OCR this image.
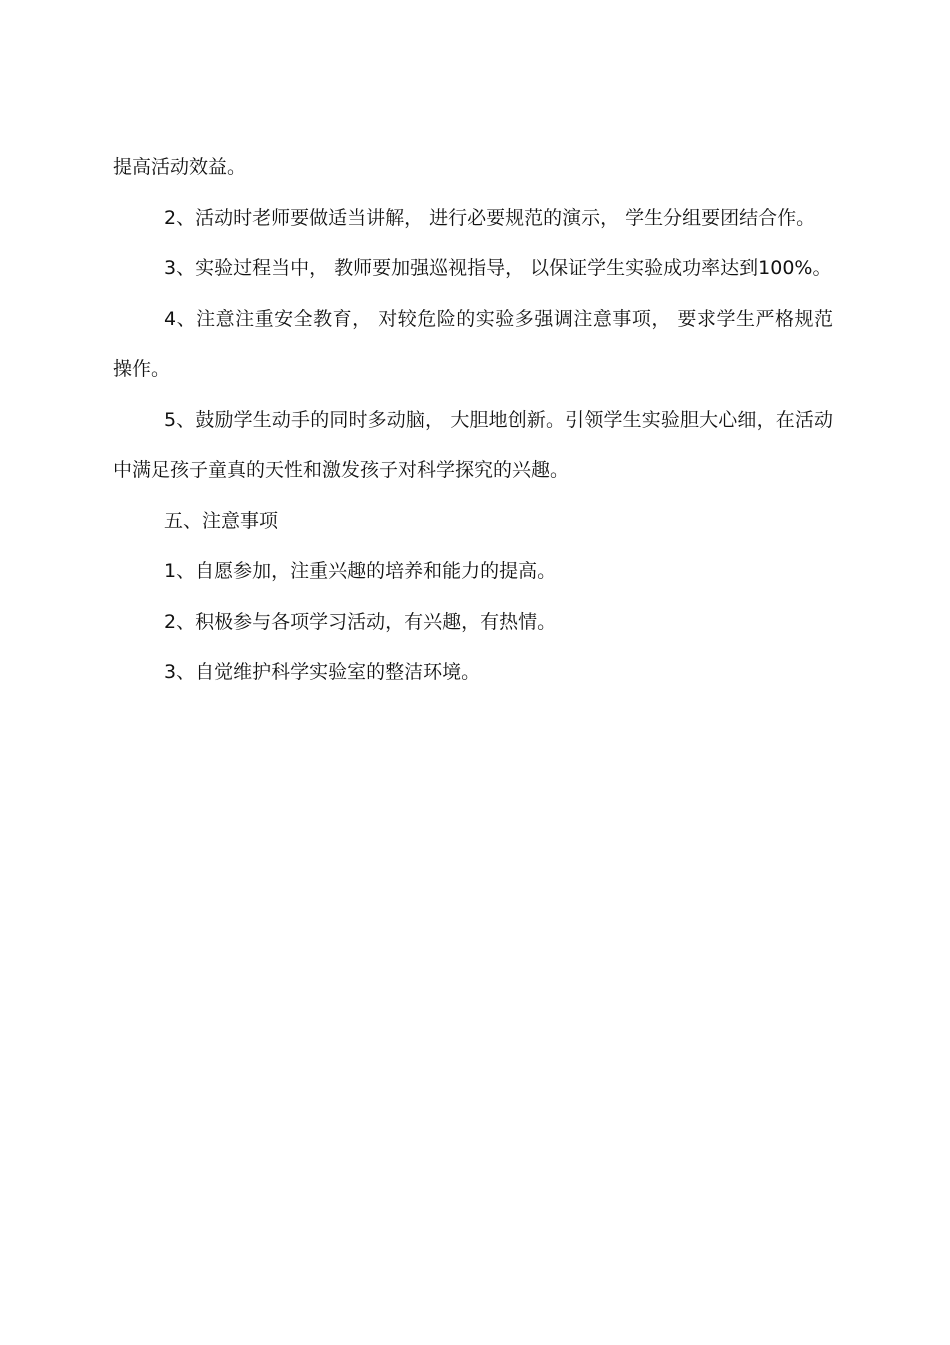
提高活动效益。

2、活动时老师要做适当讲解， 进行必要规范的演示， 学生分组要团结合作。

3、实验过程当中， 教师要加强巡视指导， 以保证学生实验成功率达到100%。

4、注意注重安全教育， 对较危险的实验多强调注意事项， 要求学生严格规范操作。

5、鼓励学生动手的同时多动脑， 大胆地创新。引领学生实验胆大心细，在活动中满足孩子童真的天性和激发孩子对科学探究的兴趣。

五、注意事项

1、自愿参加，注重兴趣的培养和能力的提高。

2、积极参与各项学习活动，有兴趣，有热情。

3、自觉维护科学实验室的整洁环境。
